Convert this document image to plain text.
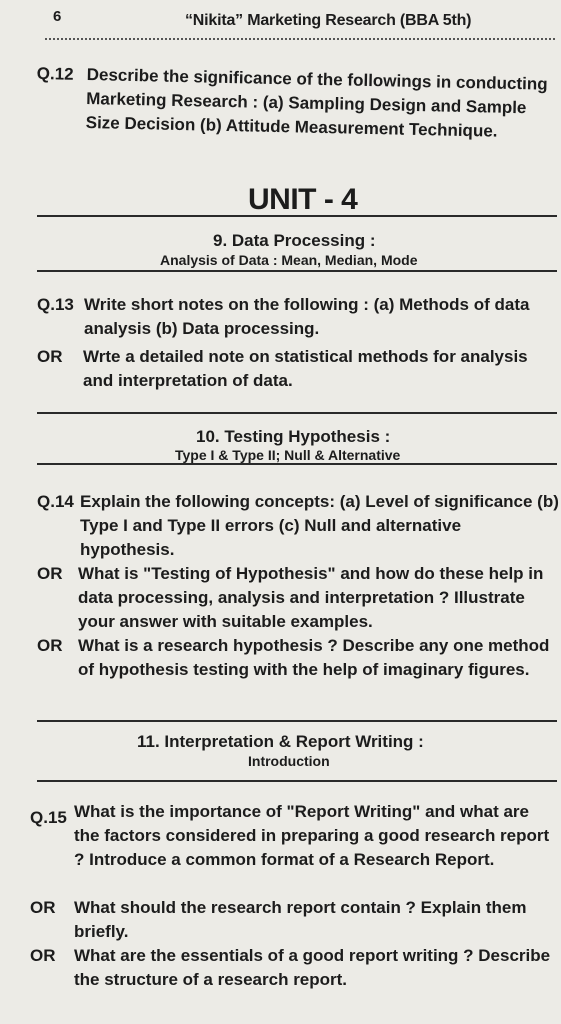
6	“Nikita” Marketing Research (BBA 5th)
Q.12 Describe the significance of the followings in conducting Marketing Research : (a) Sampling Design and Sample Size Decision (b) Attitude Measurement Technique.
UNIT - 4
9. Data Processing :
Analysis of Data : Mean, Median, Mode
Q.13 Write short notes on the following : (a) Methods of data analysis (b) Data processing.
OR Wrte a detailed note on statistical methods for analysis and interpretation of data.
10. Testing Hypothesis :
Type I & Type II; Null & Alternative
Q.14 Explain the following concepts: (a) Level of significance (b) Type I and Type II errors (c) Null and alternative hypothesis.
OR What is "Testing of Hypothesis" and how do these help in data processing, analysis and interpretation ? Illustrate your answer with suitable examples.
OR What is a research hypothesis ? Describe any one method of hypothesis testing with the help of imaginary figures.
11. Interpretation & Report Writing :
Introduction
Q.15 What is the importance of "Report Writing" and what are the factors considered in preparing a good research report ? Introduce a common format of a Research Report.
OR What should the research report contain ? Explain them briefly.
OR What are the essentials of a good report writing ? Describe the structure of a research report.
